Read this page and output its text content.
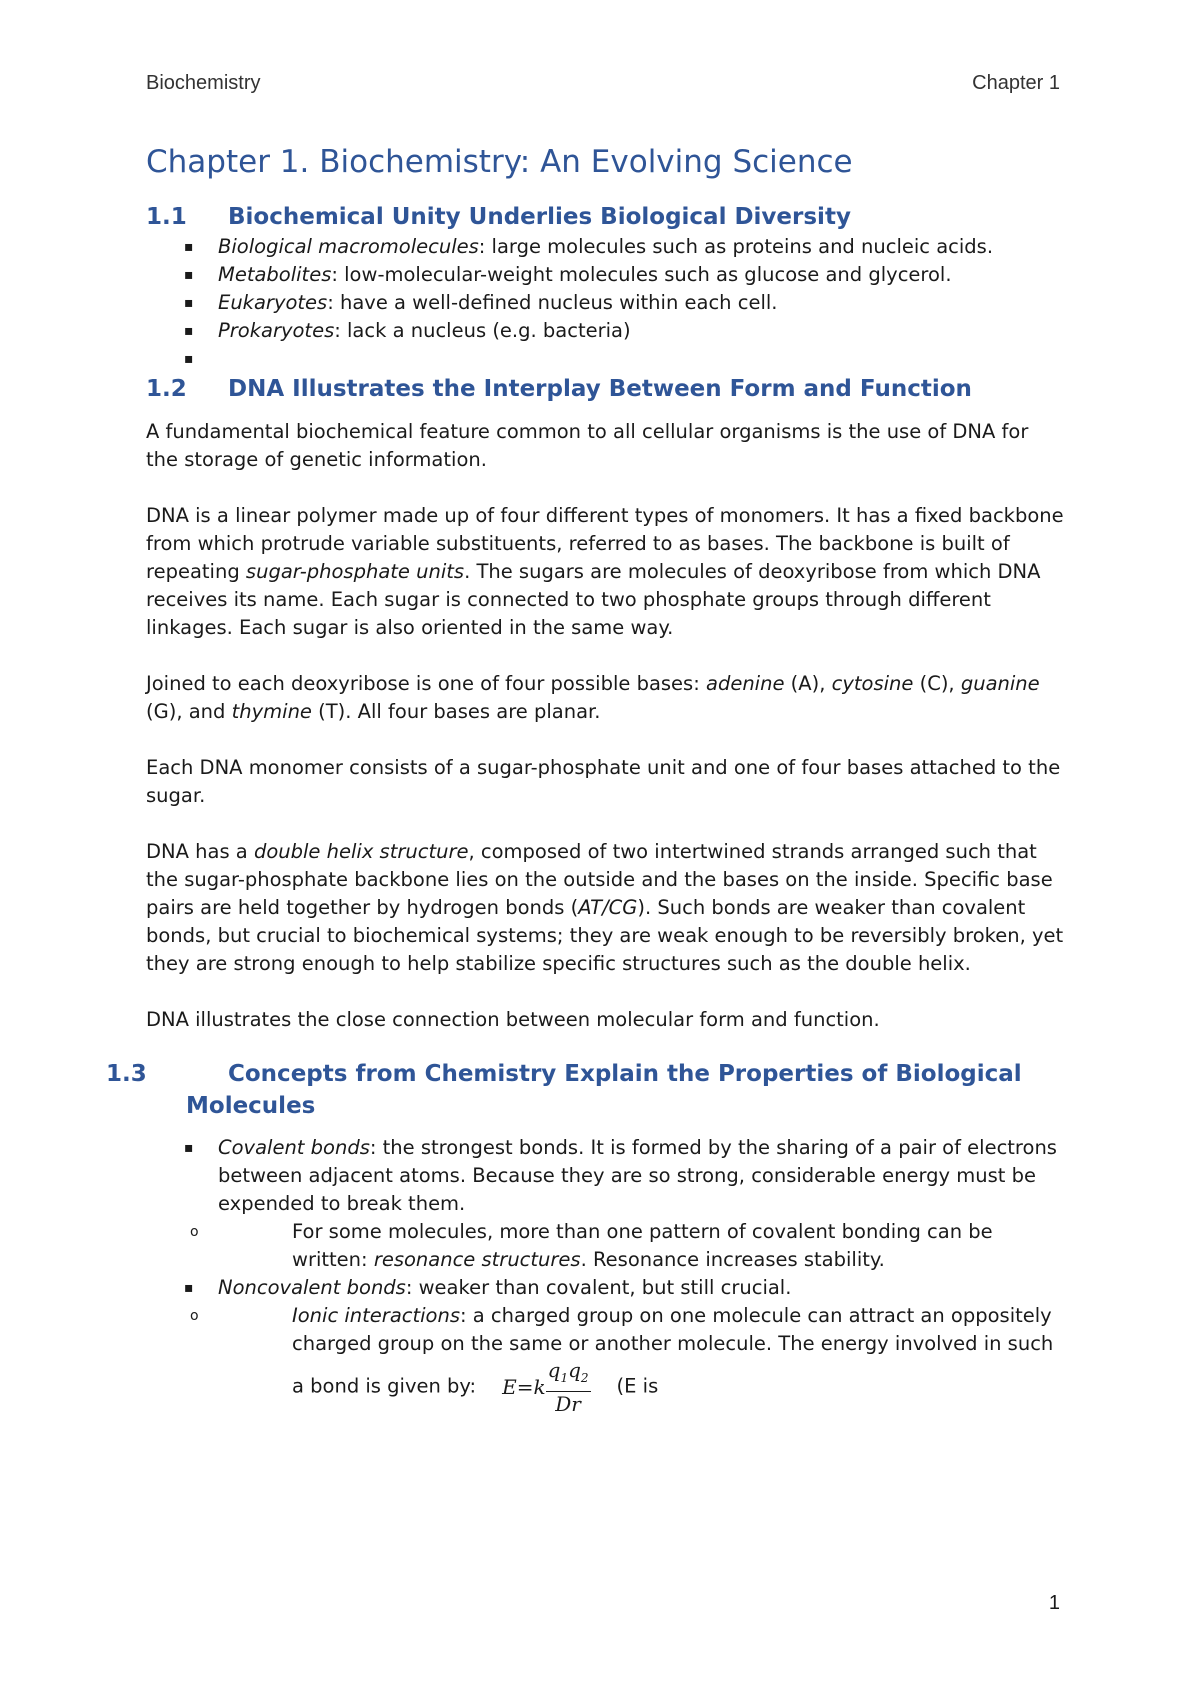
Biochemistry	Chapter 1
Chapter 1. Biochemistry: An Evolving Science
1.1 Biochemical Unity Underlies Biological Diversity
▪ Biological macromolecules: large molecules such as proteins and nucleic acids.
▪ Metabolites: low-molecular-weight molecules such as glucose and glycerol.
▪ Eukaryotes: have a well-defined nucleus within each cell.
▪ Prokaryotes: lack a nucleus (e.g. bacteria)
▪
1.2 DNA Illustrates the Interplay Between Form and Function

A fundamental biochemical feature common to all cellular organisms is the use of DNA for the storage of genetic information.

DNA is a linear polymer made up of four different types of monomers. It has a fixed backbone from which protrude variable substituents, referred to as bases. The backbone is built of repeating sugar-phosphate units. The sugars are molecules of deoxyribose from which DNA receives its name. Each sugar is connected to two phosphate groups through different linkages. Each sugar is also oriented in the same way.

Joined to each deoxyribose is one of four possible bases: adenine (A), cytosine (C), guanine (G), and thymine (T). All four bases are planar.

Each DNA monomer consists of a sugar-phosphate unit and one of four bases attached to the sugar.

DNA has a double helix structure, composed of two intertwined strands arranged such that the sugar-phosphate backbone lies on the outside and the bases on the inside. Specific base pairs are held together by hydrogen bonds (AT/CG). Such bonds are weaker than covalent bonds, but crucial to biochemical systems; they are weak enough to be reversibly broken, yet they are strong enough to help stabilize specific structures such as the double helix.

DNA illustrates the close connection between molecular form and function.

1.3	Concepts from Chemistry Explain the Properties of Biological Molecules
▪ Covalent bonds: the strongest bonds. It is formed by the sharing of a pair of electrons between adjacent atoms. Because they are so strong, considerable energy must be expended to break them.
o For some molecules, more than one pattern of covalent bonding can be written: resonance structures. Resonance increases stability.
▪ Noncovalent bonds: weaker than covalent, but still crucial.
o Ionic interactions: a charged group on one molecule can attract an oppositely charged group on the same or another molecule. The energy involved in such a bond is given by: $E=k \frac{q_1q_2}{Dr} (E$ is
1
